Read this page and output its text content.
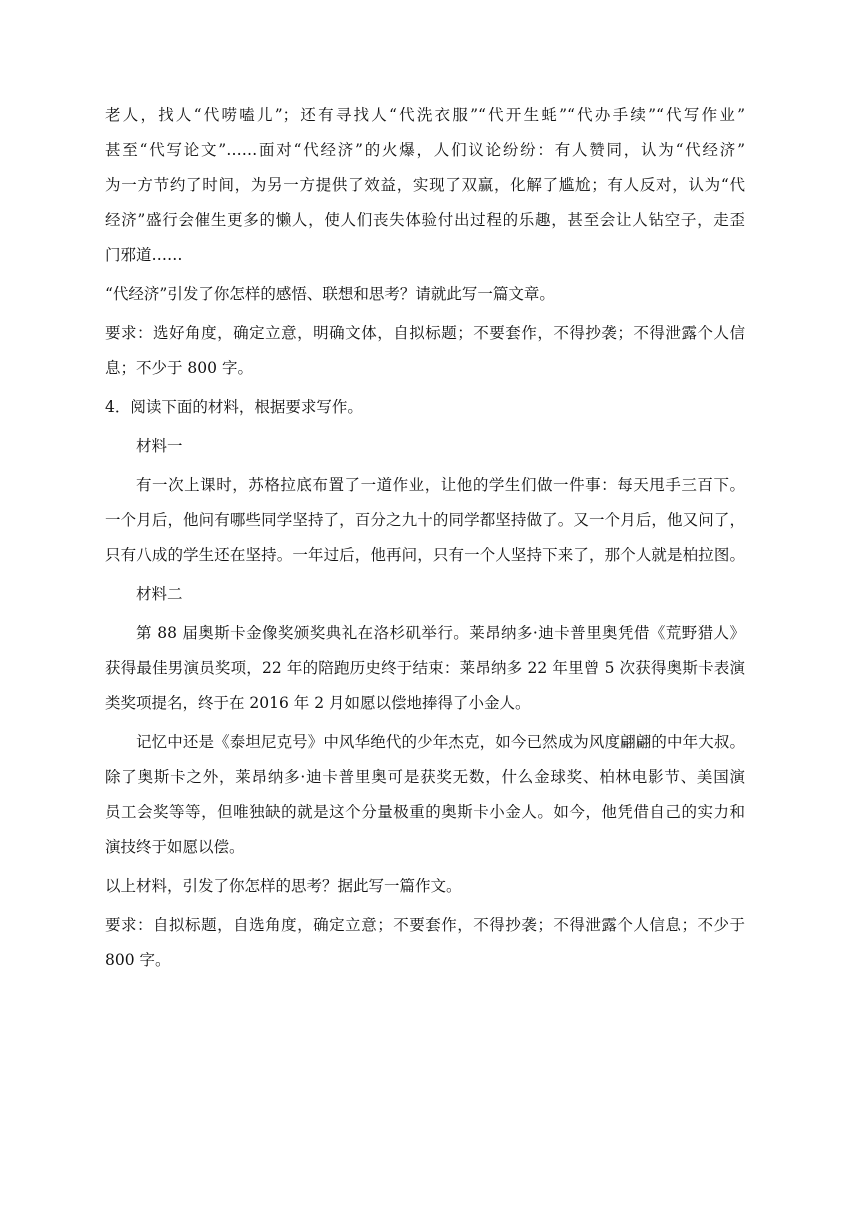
老人，找人“代唠嗑儿”；还有寻找人“代洗衣服”“代开生蚝”“代办手续”“代写作业”
甚至“代写论文”……面对“代经济”的火爆，人们议论纷纷：有人赞同，认为“代经济”
为一方节约了时间，为另一方提供了效益，实现了双赢，化解了尴尬；有人反对，认为“代
经济”盛行会催生更多的懒人，使人们丧失体验付出过程的乐趣，甚至会让人钻空子，走歪
门邪道……
“代经济”引发了你怎样的感悟、联想和思考？请就此写一篇文章。
要求：选好角度，确定立意，明确文体，自拟标题；不要套作，不得抄袭；不得泄露个人信
息；不少于 800 字。
4．阅读下面的材料，根据要求写作。
材料一
有一次上课时，苏格拉底布置了一道作业，让他的学生们做一件事：每天甩手三百下。
一个月后，他问有哪些同学坚持了，百分之九十的同学都坚持做了。又一个月后，他又问了，
只有八成的学生还在坚持。一年过后，他再问，只有一个人坚持下来了，那个人就是柏拉图。
材料二
第 88 届奥斯卡金像奖颁奖典礼在洛杉矶举行。莱昂纳多·迪卡普里奥凭借《荒野猎人》
获得最佳男演员奖项，22 年的陪跑历史终于结束：莱昂纳多 22 年里曾 5 次获得奥斯卡表演
类奖项提名，终于在 2016 年 2 月如愿以偿地捧得了小金人。
记忆中还是《泰坦尼克号》中风华绝代的少年杰克，如今已然成为风度翩翩的中年大叔。
除了奥斯卡之外，莱昂纳多·迪卡普里奥可是获奖无数，什么金球奖、柏林电影节、美国演
员工会奖等等，但唯独缺的就是这个分量极重的奥斯卡小金人。如今，他凭借自己的实力和
演技终于如愿以偿。
以上材料，引发了你怎样的思考？据此写一篇作文。
要求：自拟标题，自选角度，确定立意；不要套作，不得抄袭；不得泄露个人信息；不少于
800 字。
